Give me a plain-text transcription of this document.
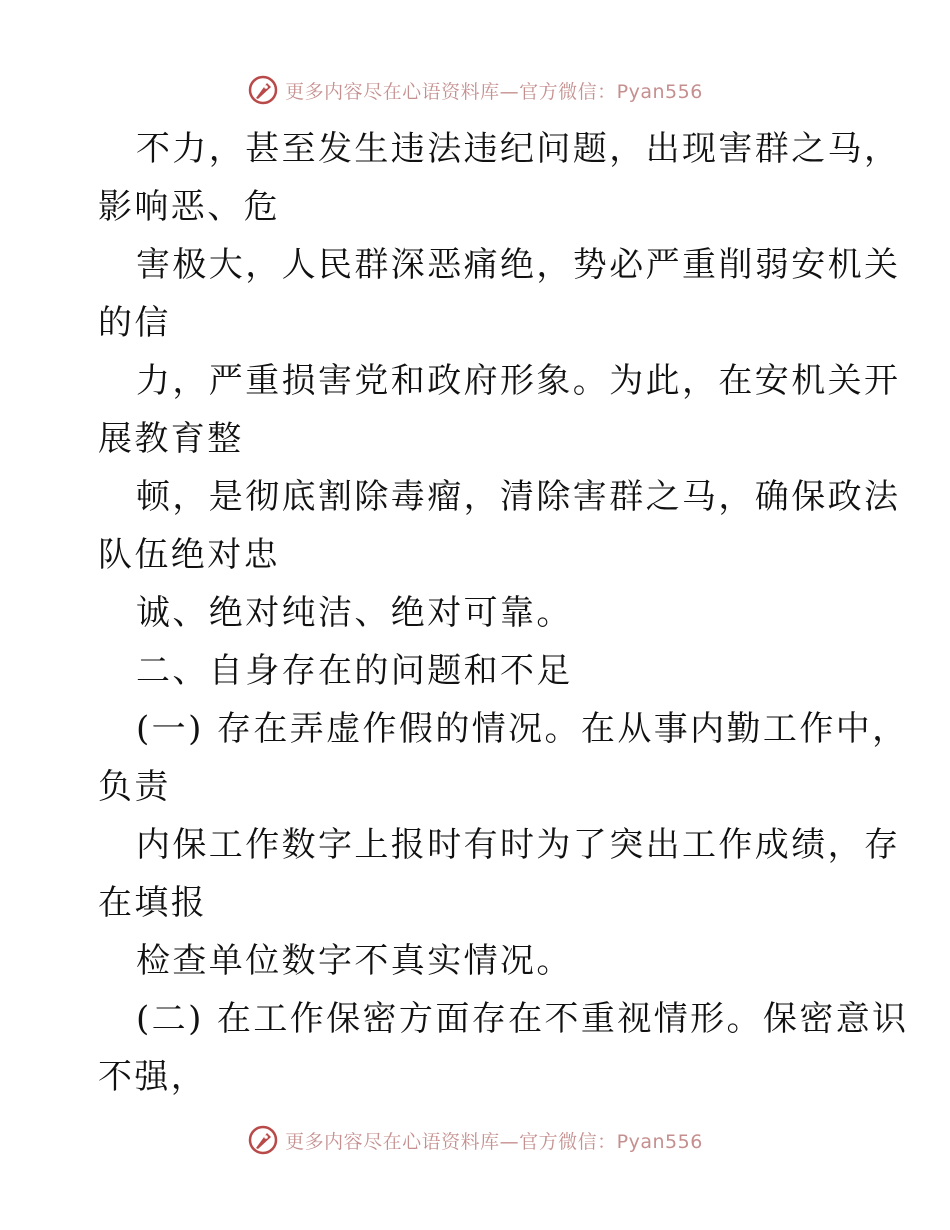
更多内容尽在心语资料库—官方微信：Pyan556
不力，甚至发生违法违纪问题，出现害群之马，
影响恶、危
害极大，人民群深恶痛绝，势必严重削弱安机关
的信
力，严重损害党和政府形象。为此，在安机关开
展教育整
顿，是彻底割除毒瘤，清除害群之马，确保政法
队伍绝对忠
诚、绝对纯洁、绝对可靠。
二、自身存在的问题和不足
(一) 存在弄虚作假的情况。在从事内勤工作中，
负责
内保工作数字上报时有时为了突出工作成绩，存
在填报
检查单位数字不真实情况。
(二) 在工作保密方面存在不重视情形。保密意识
不强，
更多内容尽在心语资料库—官方微信：Pyan556
